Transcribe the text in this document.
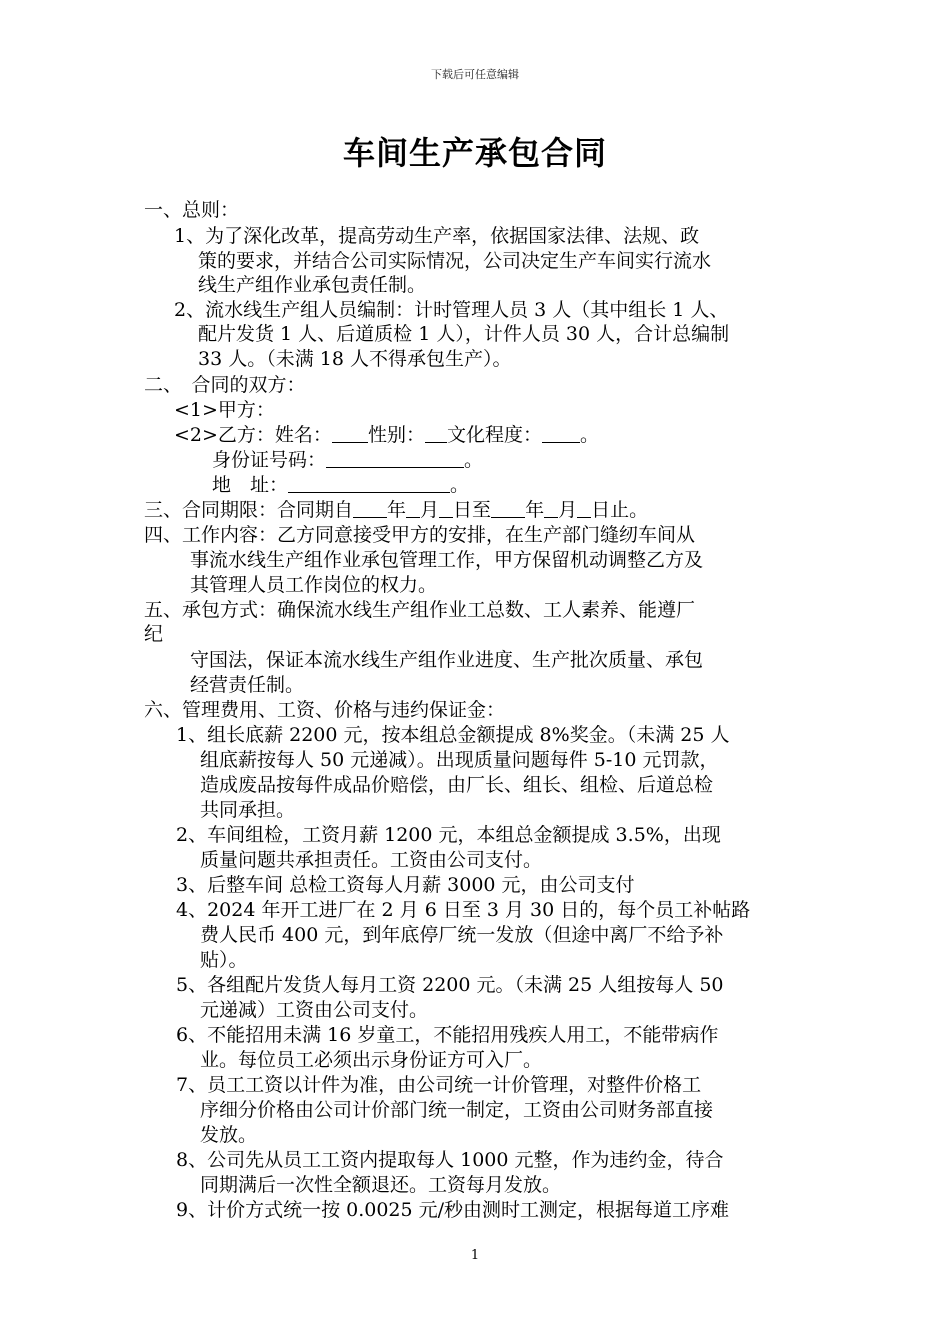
下载后可任意编辑
车间生产承包合同
一、总则：
1、为了深化改革，提高劳动生产率，依据国家法律、法规、政
策的要求，并结合公司实际情况，公司决定生产车间实行流水
线生产组作业承包责任制。
2、流水线生产组人员编制：计时管理人员 3 人（其中组长 1 人、
配片发货 1 人、后道质检 1 人），计件人员 30 人，合计总编制
33 人。（未满 18 人不得承包生产）。
二、　合同的双方：
<1>甲方：
<2>乙方：姓名： 性别： 文化程度： 。
身份证号码：	。
地　址：	。
三、合同期限：合同期自 年 月 日至 年 月 日止。
四、工作内容：乙方同意接受甲方的安排，在生产部门缝纫车间从
事流水线生产组作业承包管理工作，甲方保留机动调整乙方及
其管理人员工作岗位的权力。
五、承包方式：确保流水线生产组作业工总数、工人素养、能遵厂
纪
守国法，保证本流水线生产组作业进度、生产批次质量、承包
经营责任制。
六、管理费用、工资、价格与违约保证金：
1、组长底薪 2200 元，按本组总金额提成 8%奖金。（未满 25 人
组底薪按每人 50 元递减）。出现质量问题每件 5-10 元罚款，
造成废品按每件成品价赔偿，由厂长、组长、组检、后道总检
共同承担。
2、车间组检，工资月薪 1200 元，本组总金额提成 3.5%，出现
质量问题共承担责任。工资由公司支付。
3、后整车间 总检工资每人月薪 3000 元，由公司支付
4、2024 年开工进厂在 2 月 6 日至 3 月 30 日的，每个员工补帖路
费人民币 400 元，到年底停厂统一发放（但途中离厂不给予补
贴）。
5、各组配片发货人每月工资 2200 元。（未满 25 人组按每人 50
元递减）工资由公司支付。
6、不能招用未满 16 岁童工，不能招用残疾人用工，不能带病作
业。每位员工必须出示身份证方可入厂。
7、员工工资以计件为准，由公司统一计价管理，对整件价格工
序细分价格由公司计价部门统一制定，工资由公司财务部直接
发放。
8、公司先从员工工资内提取每人 1000 元整，作为违约金，待合
同期满后一次性全额退还。工资每月发放。
9、计价方式统一按 0.0025 元/秒由测时工测定，根据每道工序难
1
